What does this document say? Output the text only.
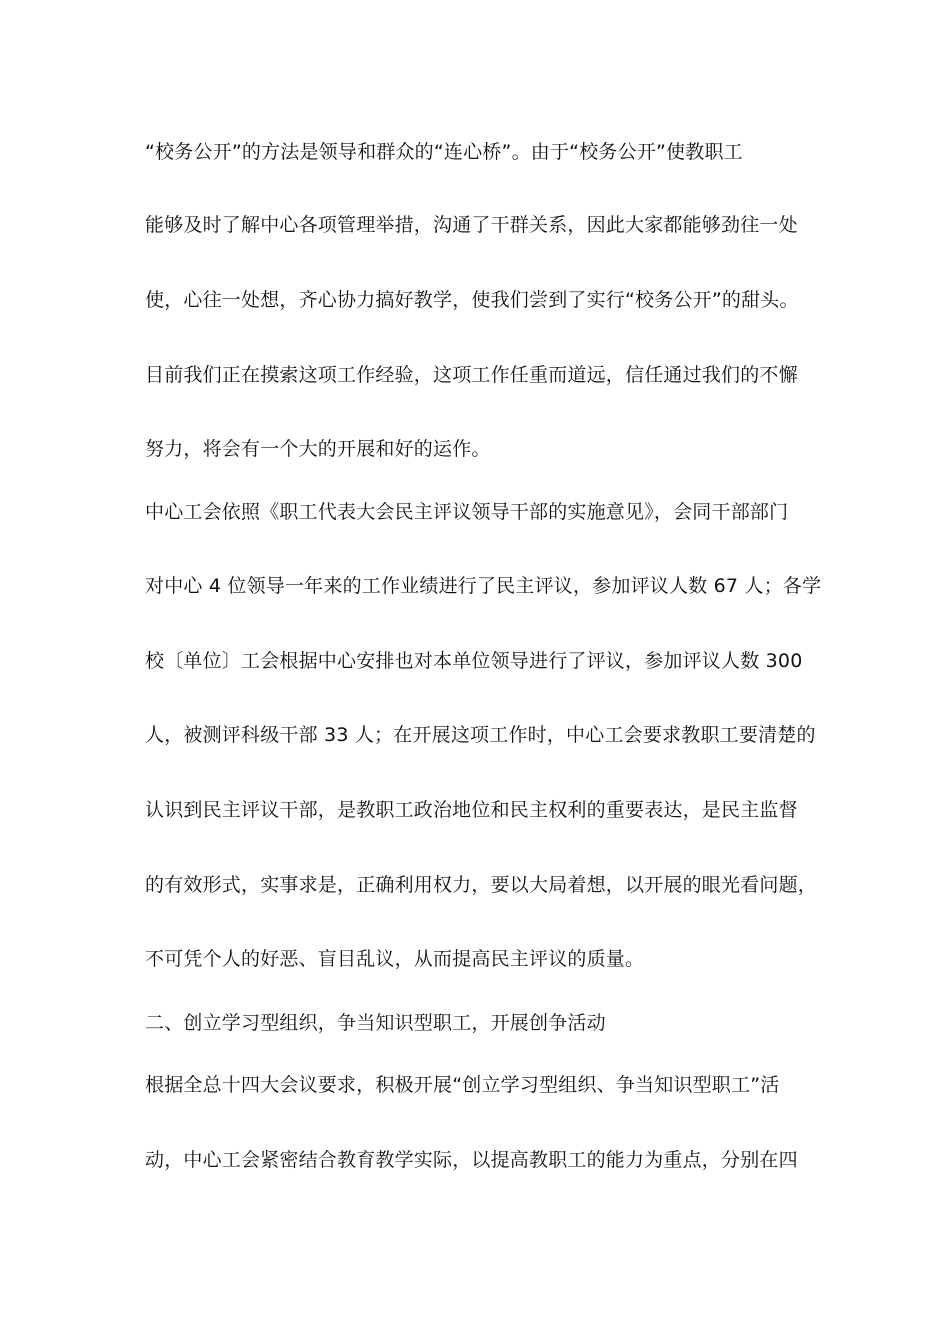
“校务公开”的方法是领导和群众的“连心桥”。由于“校务公开”使教职工
能够及时了解中心各项管理举措，沟通了干群关系，因此大家都能够劲往一处
使，心往一处想，齐心协力搞好教学，使我们尝到了实行“校务公开”的甜头。
目前我们正在摸索这项工作经验，这项工作任重而道远，信任通过我们的不懈
努力，将会有一个大的开展和好的运作。
中心工会依照《职工代表大会民主评议领导干部的实施意见》，会同干部部门
对中心 4 位领导一年来的工作业绩进行了民主评议，参加评议人数 67 人；各学
校〔单位〕工会根据中心安排也对本单位领导进行了评议，参加评议人数 300
人，被测评科级干部 33 人；在开展这项工作时，中心工会要求教职工要清楚的
认识到民主评议干部，是教职工政治地位和民主权利的重要表达，是民主监督
的有效形式，实事求是，正确利用权力，要以大局着想，以开展的眼光看问题，
不可凭个人的好恶、盲目乱议，从而提高民主评议的质量。
二、创立学习型组织，争当知识型职工，开展创争活动
根据全总十四大会议要求，积极开展“创立学习型组织、争当知识型职工”活
动，中心工会紧密结合教育教学实际，以提高教职工的能力为重点，分别在四
